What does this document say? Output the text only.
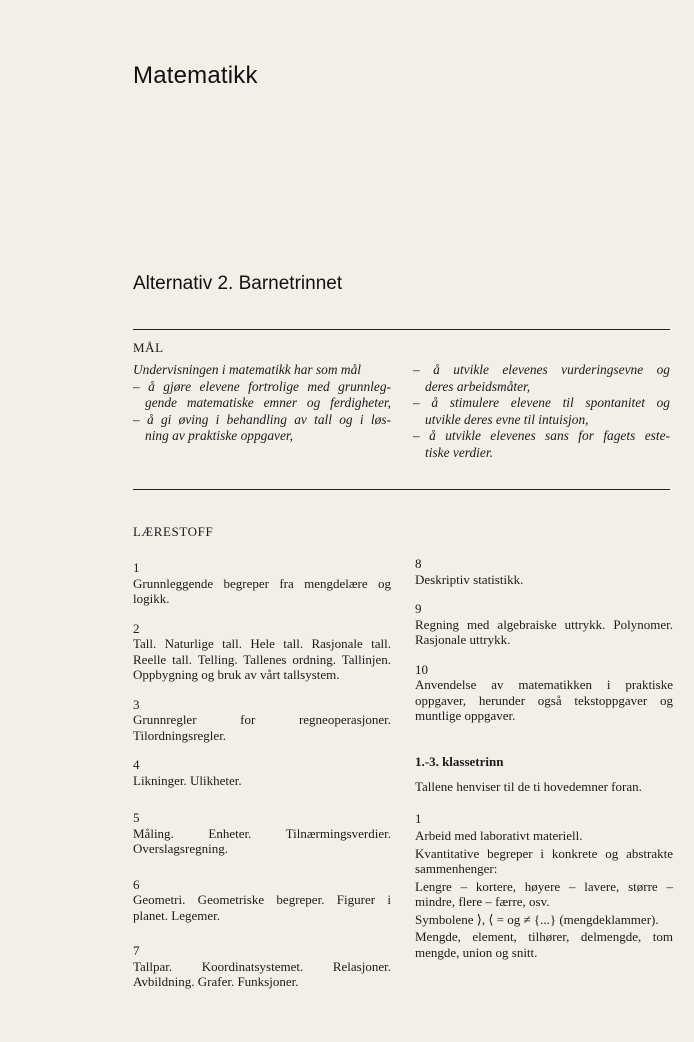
Matematikk
Alternativ 2. Barnetrinnet
MÅL
Undervisningen i matematikk har som mål
– å gjøre elevene fortrolige med grunnleg-
gende matematiske emner og ferdigheter,
– å gi øving i behandling av tall og i løs-
ning av praktiske oppgaver,
– å utvikle elevenes vurderingsevne og
deres arbeidsmåter,
– å stimulere elevene til spontanitet og
utvikle deres evne til intuisjon,
– å utvikle elevenes sans for fagets este-
tiske verdier.
LÆRESTOFF
1
Grunnleggende begreper fra mengdelære og logikk.
2
Tall. Naturlige tall. Hele tall. Rasjonale tall. Reelle tall. Telling. Tallenes ordning. Tallinjen. Oppbygning og bruk av vårt tallsystem.
3
Grunnregler for regneoperasjoner. Tilordningsregler.
4
Likninger. Ulikheter.
5
Måling. Enheter. Tilnærmingsverdier. Overslagsregning.
6
Geometri. Geometriske begreper. Figurer i planet. Legemer.
7
Tallpar. Koordinatsystemet. Relasjoner. Avbildning. Grafer. Funksjoner.
8
Deskriptiv statistikk.
9
Regning med algebraiske uttrykk. Polynomer. Rasjonale uttrykk.
10
Anvendelse av matematikken i praktiske oppgaver, herunder også tekstoppgaver og muntlige oppgaver.
1.-3. klassetrinn
Tallene henviser til de ti hovedemner foran.
1
Arbeid med laborativt materiell.
Kvantitative begreper i konkrete og abstrakte sammenhenger:
Lengre – kortere, høyere – lavere, større – mindre, flere – færre, osv.
Symbolene ⟩, ⟨ = og ≠ {...} (mengdeklammer).
Mengde, element, tilhører, delmengde, tom mengde, union og snitt.
